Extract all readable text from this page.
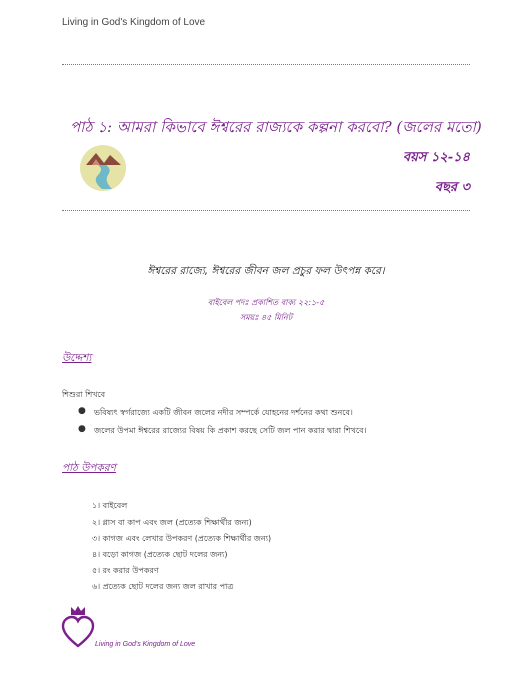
Living in God's Kingdom of Love
পাঠ ১: আমরা কিভাবে ঈশ্বরের রাজ্যকে কল্পনা করবো? (জলের মতো)
বয়স ১২-১৪
বছর ৩
ঈশ্বরের রাজ্যে, ঈশ্বরের জীবন জল প্রচুর ফল উৎপন্ন করে।
বাইবেল পদঃ প্রকাশিত বাক্য ২২:১-৫
সময়ঃ ৪৫ মিনিট
উদ্দেশ্য
শিশুরা শিখবে
●	ভবিষ্যৎ স্বর্গরাজ্যে একটি জীবন জলের নদীর সম্পর্কে যোহনের দর্শনের কথা শুনবে।
●	জলের উপমা ঈশ্বরের রাজ্যের বিষয় কি প্রকাশ করছে সেটি জল পান করার দ্বারা শিখবে।
পাঠ উপকরণ
১। বাইবেল
২। গ্লাস বা কাপ এবং জল (প্রত্যেক শিক্ষার্থীর জন্য)
৩। কাগজ এবং লেখার উপকরণ (প্রত্যেক শিক্ষার্থীর জন্য)
৪। বড়ো কাগজ (প্রত্যেক ছোট দলের জন্য)
৫। রং করার উপকরণ
৬। প্রত্যেক ছোট দলের জন্য জল রাখার পাত্র
Living in God's Kingdom of Love
